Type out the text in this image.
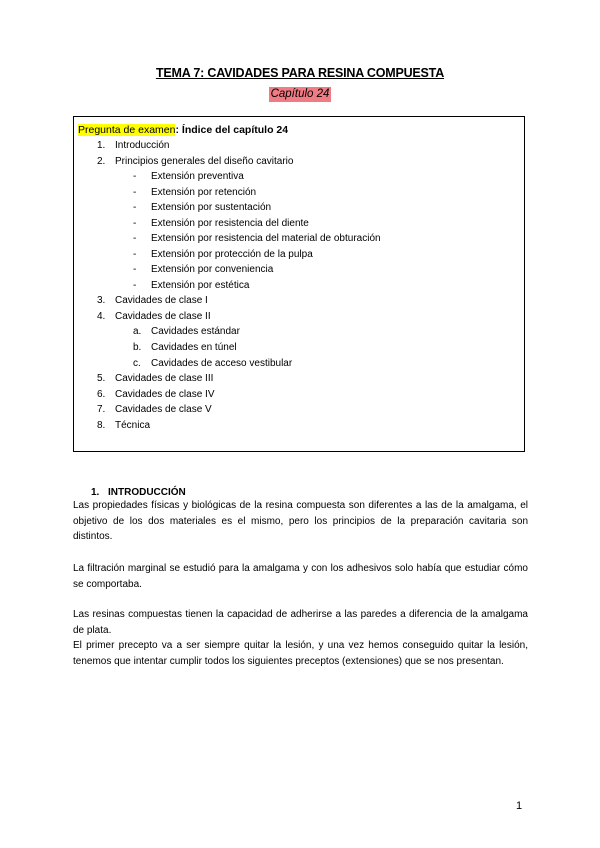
TEMA 7: CAVIDADES PARA RESINA COMPUESTA
Capítulo 24
Pregunta de examen: Índice del capítulo 24
1. Introducción
2. Principios generales del diseño cavitario
- Extensión preventiva
- Extensión por retención
- Extensión por sustentación
- Extensión por resistencia del diente
- Extensión por resistencia del material de obturación
- Extensión por protección de la pulpa
- Extensión por conveniencia
- Extensión por estética
3. Cavidades de clase I
4. Cavidades de clase II
a. Cavidades estándar
b. Cavidades en túnel
c. Cavidades de acceso vestibular
5. Cavidades de clase III
6. Cavidades de clase IV
7. Cavidades de clase V
8. Técnica
1. INTRODUCCIÓN
Las propiedades físicas y biológicas de la resina compuesta son diferentes a las de la amalgama, el objetivo de los dos materiales es el mismo, pero los principios de la preparación cavitaria son distintos.
La filtración marginal se estudió para la amalgama y con los adhesivos solo había que estudiar cómo se comportaba.
Las resinas compuestas tienen la capacidad de adherirse a las paredes a diferencia de la amalgama de plata.
El primer precepto va a ser siempre quitar la lesión, y una vez hemos conseguido quitar la lesión, tenemos que intentar cumplir todos los siguientes preceptos (extensiones) que se nos presentan.
1
